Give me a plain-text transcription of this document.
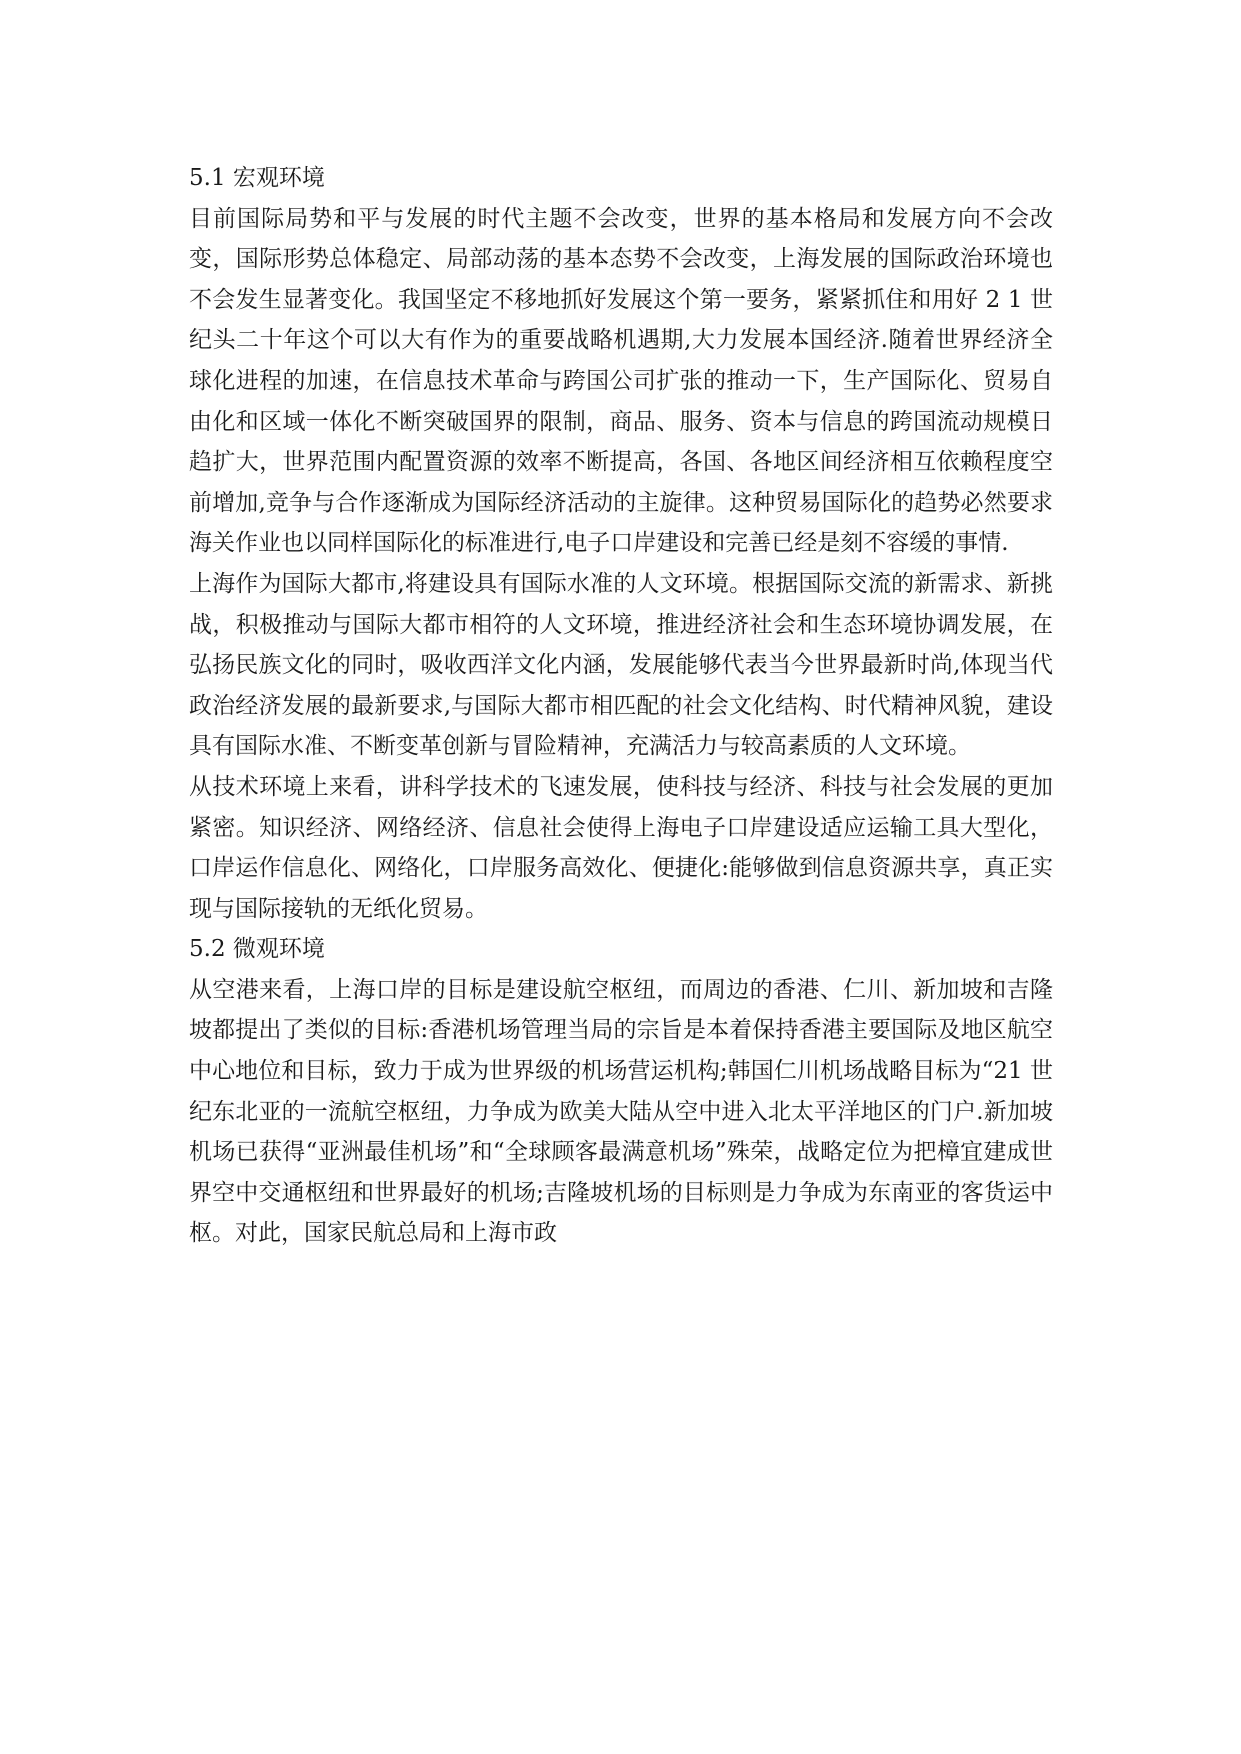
5.1 宏观环境

目前国际局势和平与发展的时代主题不会改变，世界的基本格局和发展方向不会改变，国际形势总体稳定、局部动荡的基本态势不会改变，上海发展的国际政治环境也不会发生显著变化。我国坚定不移地抓好发展这个第一要务，紧紧抓住和用好 2 1 世纪头二十年这个可以大有作为的重要战略机遇期,大力发展本国经济.随着世界经济全球化进程的加速，在信息技术革命与跨国公司扩张的推动一下，生产国际化、贸易自由化和区域一体化不断突破国界的限制，商品、服务、资本与信息的跨国流动规模日趋扩大，世界范围内配置资源的效率不断提高，各国、各地区间经济相互依赖程度空前增加,竞争与合作逐渐成为国际经济活动的主旋律。这种贸易国际化的趋势必然要求海关作业也以同样国际化的标准进行,电子口岸建设和完善已经是刻不容缓的事情.

上海作为国际大都市,将建设具有国际水准的人文环境。根据国际交流的新需求、新挑战，积极推动与国际大都市相符的人文环境，推进经济社会和生态环境协调发展，在弘扬民族文化的同时，吸收西洋文化内涵，发展能够代表当今世界最新时尚,体现当代政治经济发展的最新要求,与国际大都市相匹配的社会文化结构、时代精神风貌，建设具有国际水准、不断变革创新与冒险精神，充满活力与较高素质的人文环境。

从技术环境上来看，讲科学技术的飞速发展，使科技与经济、科技与社会发展的更加紧密。知识经济、网络经济、信息社会使得上海电子口岸建设适应运输工具大型化，口岸运作信息化、网络化，口岸服务高效化、便捷化:能够做到信息资源共享，真正实现与国际接轨的无纸化贸易。

5.2 微观环境

从空港来看，上海口岸的目标是建设航空枢纽，而周边的香港、仁川、新加坡和吉隆坡都提出了类似的目标:香港机场管理当局的宗旨是本着保持香港主要国际及地区航空中心地位和目标，致力于成为世界级的机场营运机构;韩国仁川机场战略目标为“21 世纪东北亚的一流航空枢纽，力争成为欧美大陆从空中进入北太平洋地区的门户.新加坡机场已获得“亚洲最佳机场”和“全球顾客最满意机场”殊荣，战略定位为把樟宜建成世界空中交通枢纽和世界最好的机场;吉隆坡机场的目标则是力争成为东南亚的客货运中枢。对此，国家民航总局和上海市政
